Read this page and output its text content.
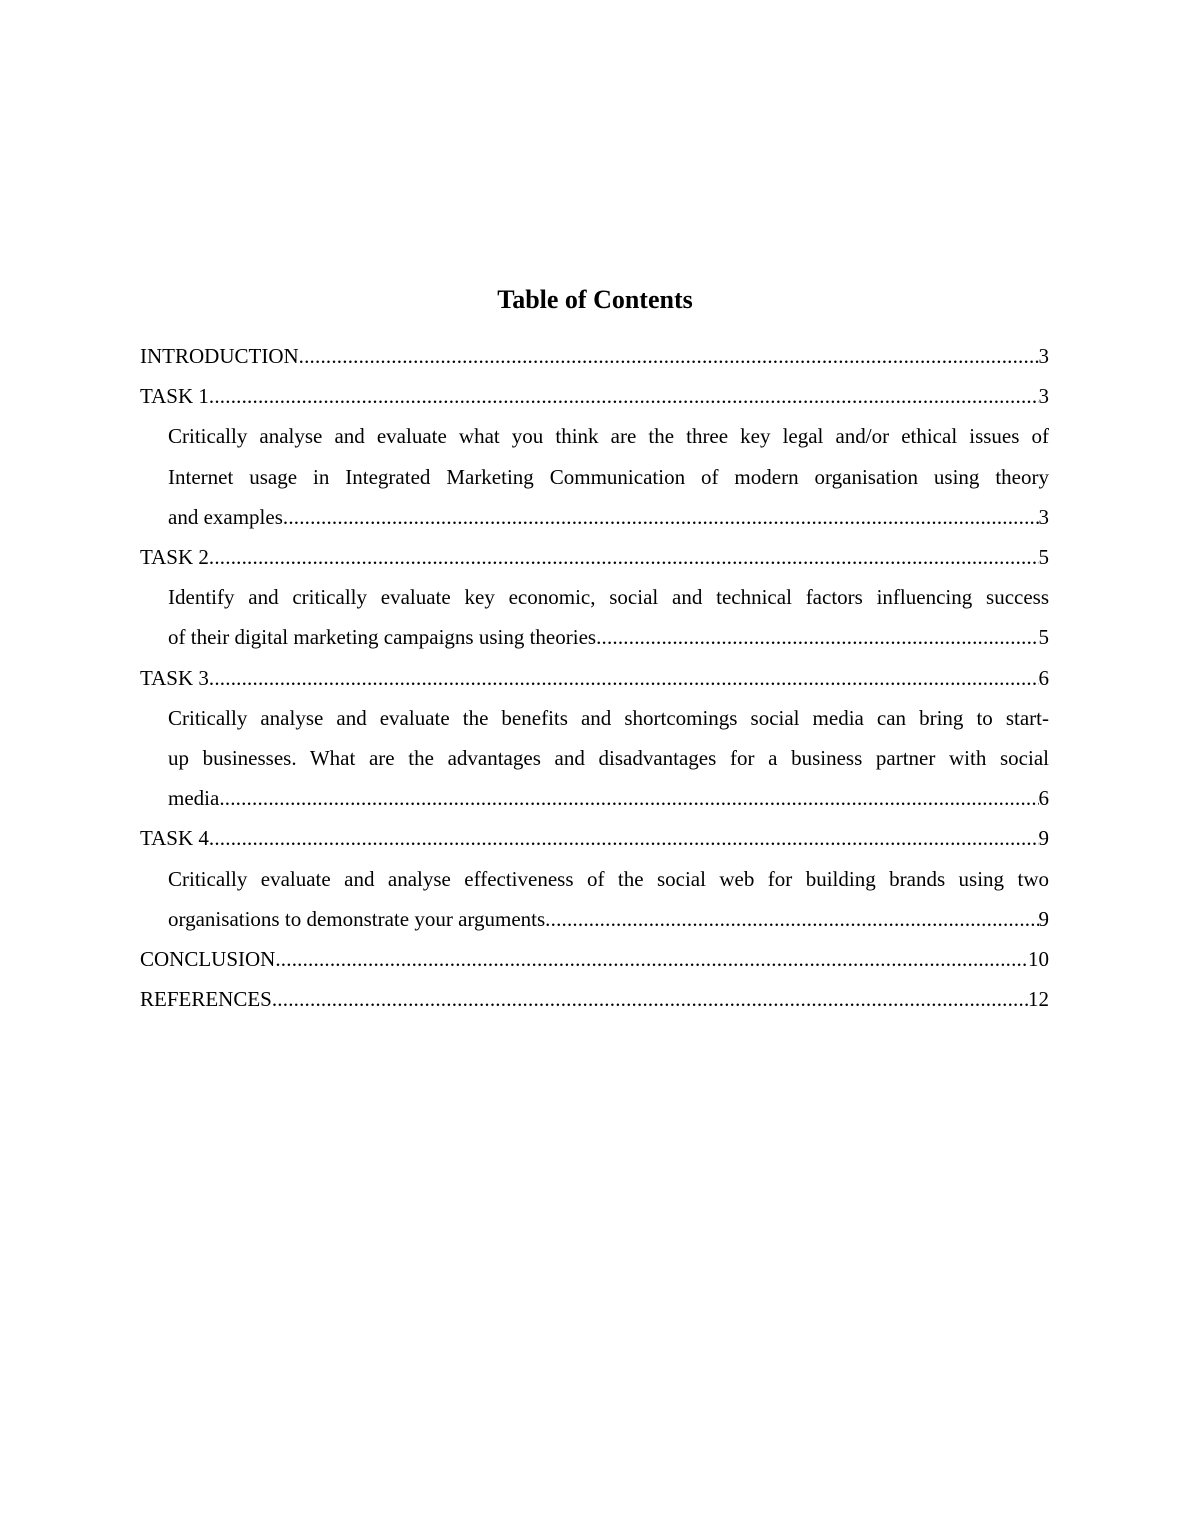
Table of Contents
INTRODUCTION .....	3
TASK 1 .....	3
Critically analyse and evaluate what you think are the three key legal and/or ethical issues of
Internet usage in Integrated Marketing Communication of modern organisation using theory
and examples .....	3
TASK 2 .....	5
Identify and critically evaluate key economic, social and technical factors influencing success
of their digital marketing campaigns using theories .....	5
TASK 3 .....	6
Critically analyse and evaluate the benefits and shortcomings social media can bring to start-
up businesses. What are the advantages and disadvantages for a business partner with social
media .....	6
TASK 4 .....	9
Critically evaluate and analyse effectiveness of the social web for building brands using two
organisations to demonstrate your arguments .....	9
CONCLUSION .....	10
REFERENCES .....	12
